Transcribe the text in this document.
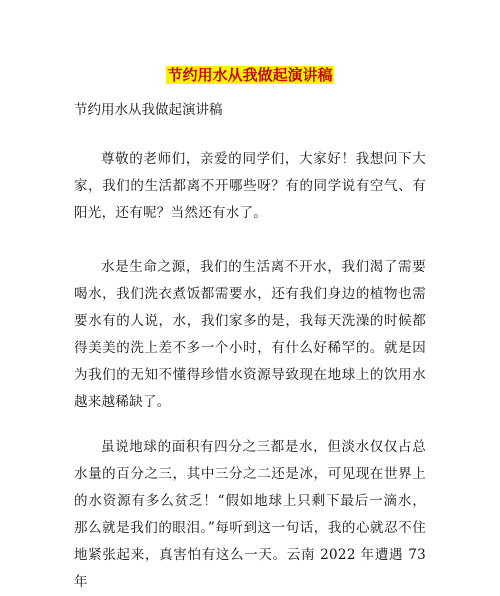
节约用水从我做起演讲稿
节约用水从我做起演讲稿

尊敬的老师们，亲爱的同学们，大家好！我想问下大家，我们的生活都离不开哪些呀？有的同学说有空气、有阳光，还有呢？当然还有水了。

水是生命之源，我们的生活离不开水，我们渴了需要喝水，我们洗衣煮饭都需要水，还有我们身边的植物也需要水有的人说，水，我们家多的是，我每天洗澡的时候都得美美的洗上差不多一个小时，有什么好稀罕的。就是因为我们的无知不懂得珍惜水资源导致现在地球上的饮用水越来越稀缺了。

虽说地球的面积有四分之三都是水，但淡水仅仅占总水量的百分之三，其中三分之二还是冰，可见现在世界上的水资源有多么贫乏！“假如地球上只剩下最后一滴水，那么就是我们的眼泪。”每听到这一句话，我的心就忍不住地紧张起来，真害怕有这么一天。云南 2022 年遭遇 73 年
